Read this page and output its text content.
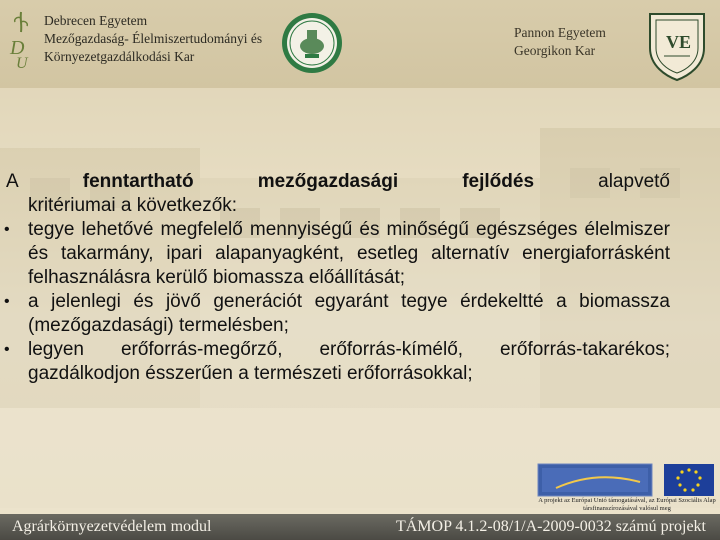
D
U
Debrecen Egyetem
Mezőgazdaság- Élelmiszertudományi és
Környezetgazdálkodási Kar
Pannon Egyetem
Georgikon Kar	VE
A	fenntartható	mezőgazdasági	fejlődés	alapvető
kritériumai a következők:
• tegye lehetővé megfelelő mennyiségű és minőségű egészséges élelmiszer és takarmány, ipari alapanyagként, esetleg alternatív energiaforrásként felhasználásra kerülő biomassza előállítását;
• a jelenlegi és jövő generációt egyaránt tegye érdekeltté a biomassza (mezőgazdasági) termelésben;
• legyen erőforrás-megőrző, erőforrás-kímélő, erőforrás-takarékos; gazdálkodjon ésszerűen a természeti erőforrásokkal;
A projekt az Európai Unió támogatásával, az Európai Szociális Alap társfinanszírozásával valósul meg
Agrárkörnyezetvédelem modul	TÁMOP 4.1.2-08/1/A-2009-0032 számú projekt
